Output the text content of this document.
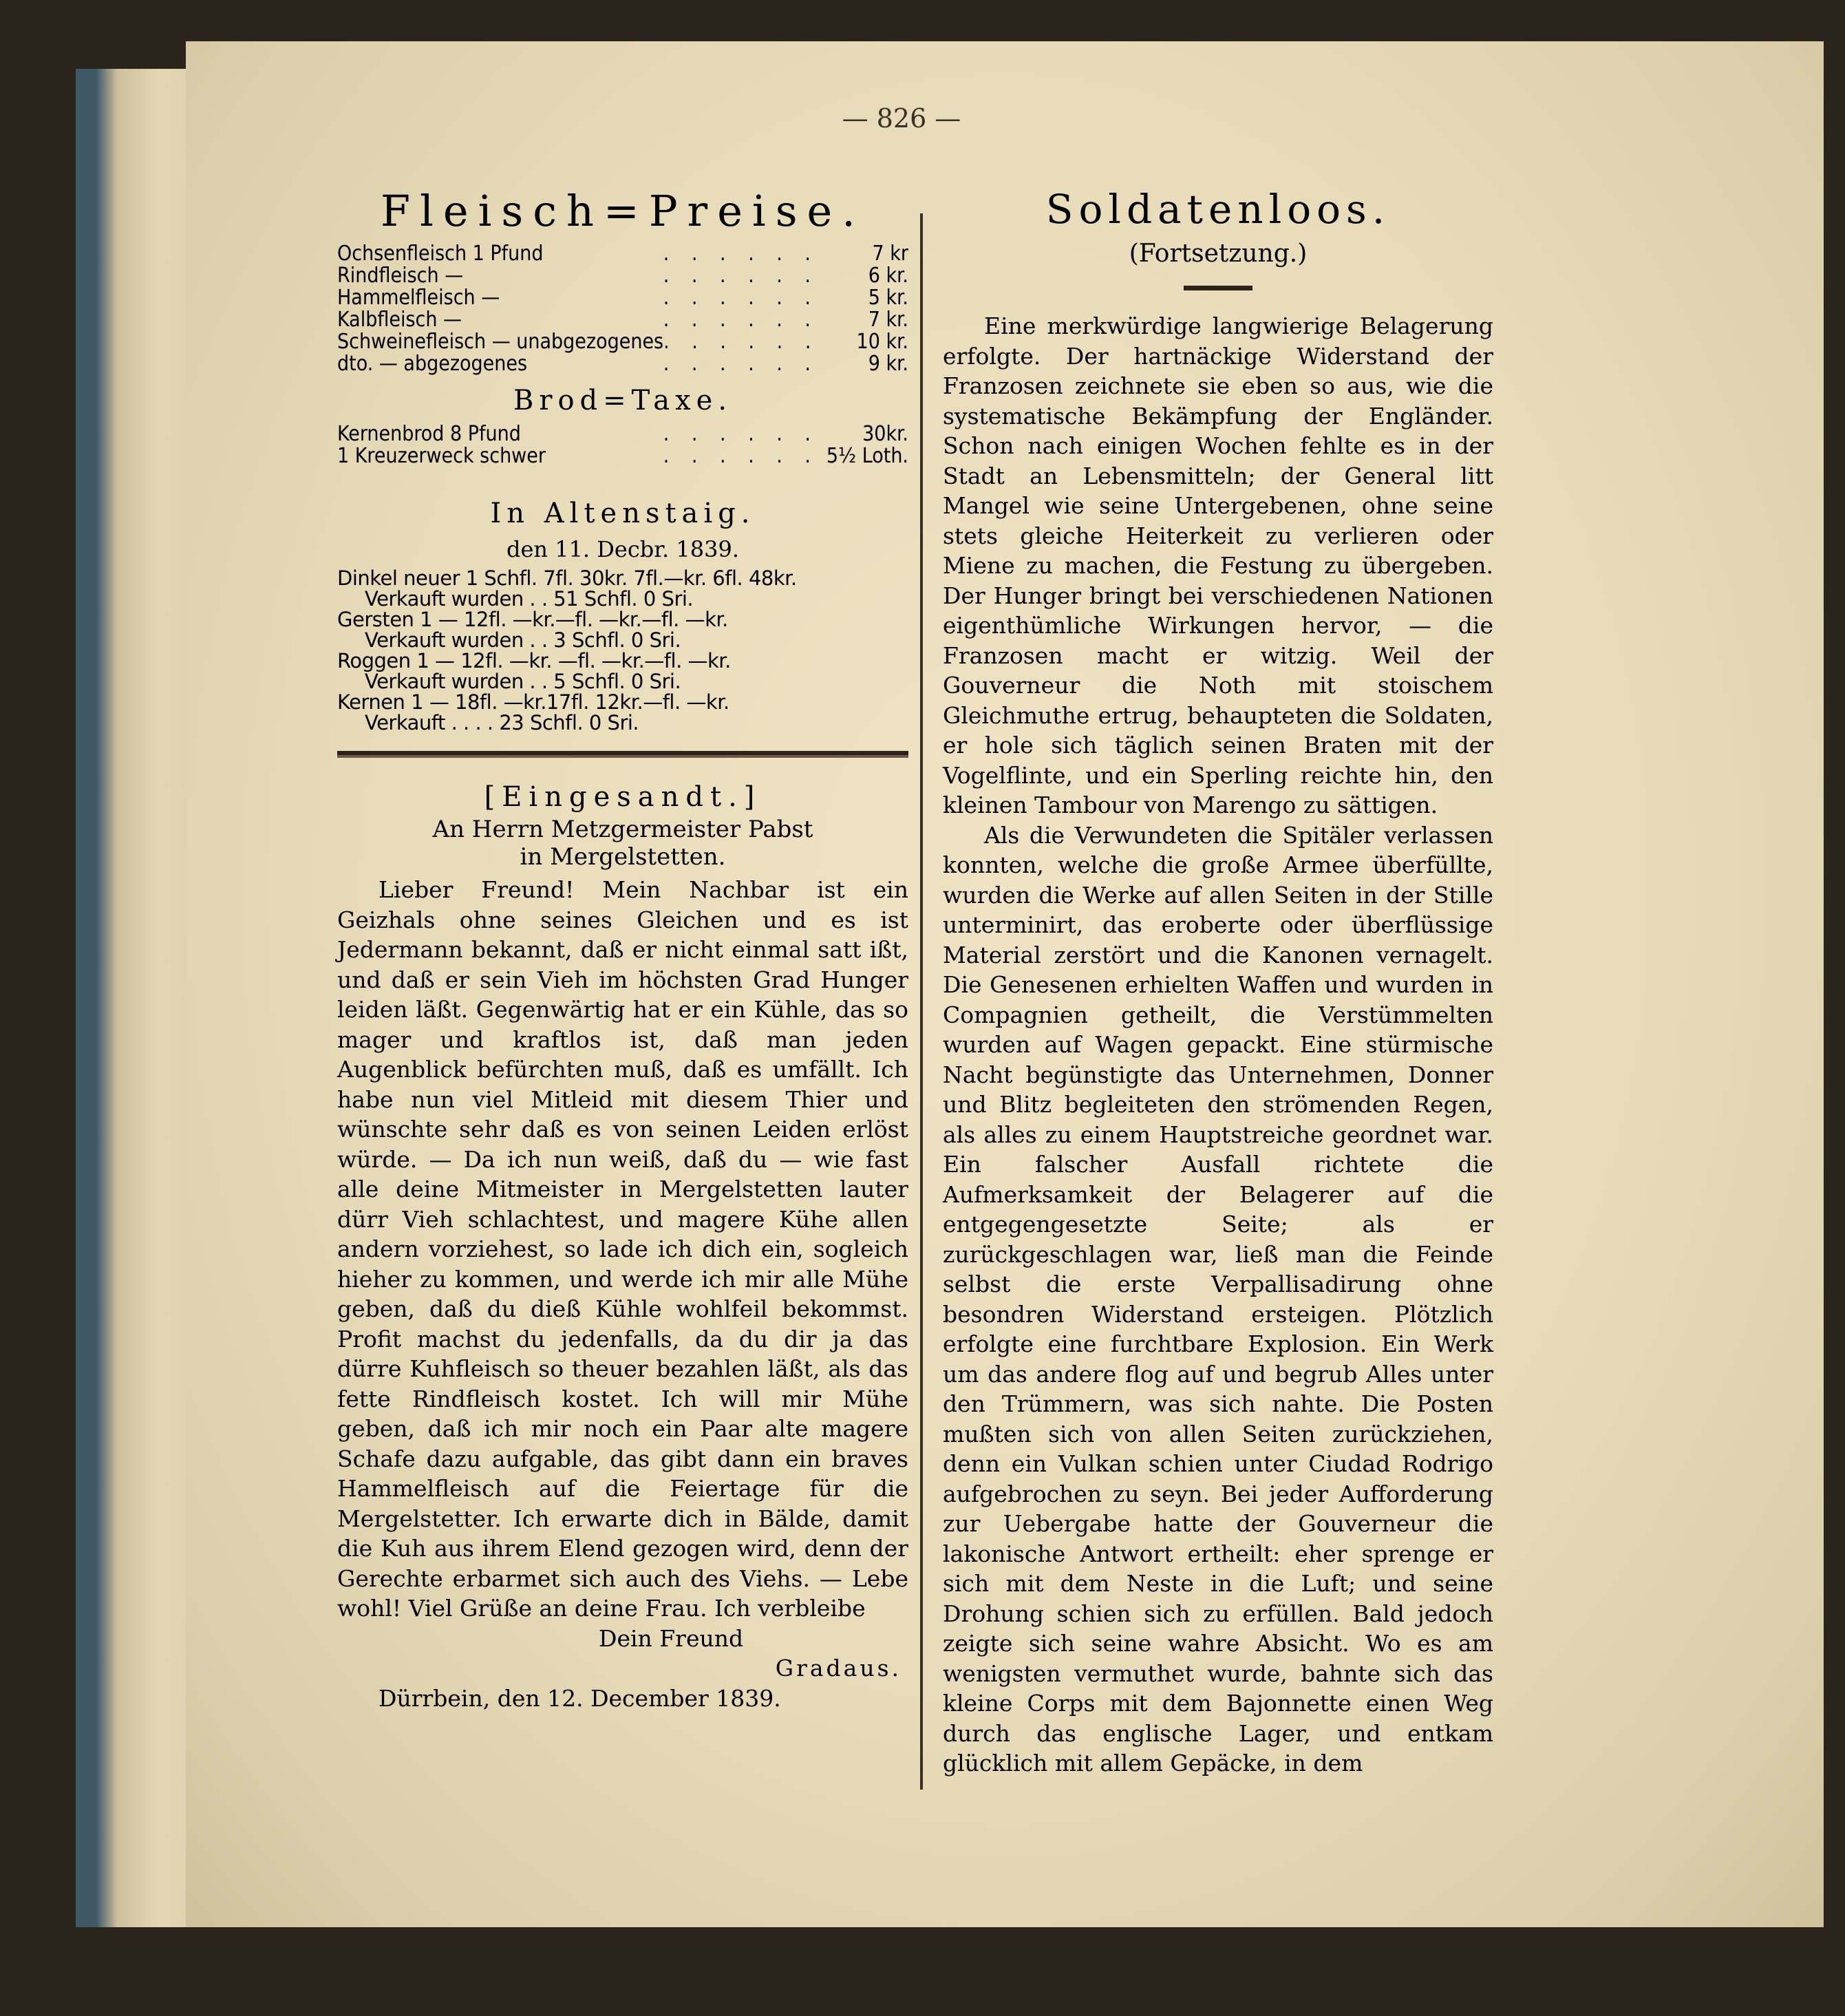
— 826 —
Fleisch=Preise.
Ochsenfleisch 1 Pfund	. . . . . .	7 kr
Rindfleisch —	. . . . . .	6 kr.
Hammelfleisch —	. . . . . .	5 kr.
Kalbfleisch —	. . . . . .	7 kr.
Schweinefleisch — unabgezogenes . . . . . .	10 kr.
dto. — abgezogenes	. . . . . .	9 kr.
Brod=Taxe.
Kernenbrod 8 Pfund	. . . . . .	30kr.
1 Kreuzerweck schwer	. . . . . . 5½ Loth.
In Altenstaig.
den 11. Decbr. 1839.
Dinkel neuer 1 Schfl. 7fl. 30kr. 7fl.—kr. 6fl. 48kr.
Verkauft wurden . . 51 Schfl. 0 Sri.
Gersten 1 — 12fl. —kr.—fl. —kr.—fl. —kr.
Verkauft wurden . . 3 Schfl. 0 Sri.
Roggen 1 — 12fl. —kr. —fl. —kr.—fl. —kr.
Verkauft wurden . . 5 Schfl. 0 Sri.
Kernen 1 — 18fl. —kr.17fl. 12kr.—fl. —kr.
Verkauft . . . . 23 Schfl. 0 Sri.
[Eingesandt.]
An Herrn Metzgermeister Pabst
in Mergelstetten.

Lieber Freund! Mein Nachbar ist ein Geizhals ohne seines Gleichen und es ist Jedermann bekannt, daß er nicht einmal satt ißt, und daß er sein Vieh im höchsten Grad Hunger leiden läßt. Gegenwärtig hat er ein Kühle, das so mager und kraftlos ist, daß man jeden Augenblick befürchten muß, daß es umfällt. Ich habe nun viel Mitleid mit diesem Thier und wünschte sehr daß es von seinen Leiden erlöst würde. — Da ich nun weiß, daß du — wie fast alle deine Mitmeister in Mergelstetten lauter dürr Vieh schlachtest, und magere Kühe allen andern vorziehest, so lade ich dich ein, sogleich hieher zu kommen, und werde ich mir alle Mühe geben, daß du dieß Kühle wohlfeil bekommst. Profit machst du jedenfalls, da du dir ja das dürre Kuhfleisch so theuer bezahlen läßt, als das fette Rindfleisch kostet. Ich will mir Mühe geben, daß ich mir noch ein Paar alte magere Schafe dazu aufgable, das gibt dann ein braves Hammelfleisch auf die Feiertage für die Mergelstetter. Ich erwarte dich in Bälde, damit die Kuh aus ihrem Elend gezogen wird, denn der Gerechte erbarmet sich auch des Viehs. — Lebe wohl! Viel Grüße an deine Frau. Ich verbleibe

Dein Freund
Gradaus.
Dürrbein, den 12. December 1839.
Soldatenloos.
(Fortsetzung.)

Eine merkwürdige langwierige Belagerung erfolgte. Der hartnäckige Widerstand der Franzosen zeichnete sie eben so aus, wie die systematische Bekämpfung der Engländer. Schon nach einigen Wochen fehlte es in der Stadt an Lebensmitteln; der General litt Mangel wie seine Untergebenen, ohne seine stets gleiche Heiterkeit zu verlieren oder Miene zu machen, die Festung zu übergeben. Der Hunger bringt bei verschiedenen Nationen eigenthümliche Wirkungen hervor, — die Franzosen macht er witzig. Weil der Gouverneur die Noth mit stoischem Gleichmuthe ertrug, behaupteten die Soldaten, er hole sich täglich seinen Braten mit der Vogelflinte, und ein Sperling reichte hin, den kleinen Tambour von Marengo zu sättigen.

Als die Verwundeten die Spitäler verlassen konnten, welche die große Armee überfüllte, wurden die Werke auf allen Seiten in der Stille unterminirt, das eroberte oder überflüssige Material zerstört und die Kanonen vernagelt. Die Genesenen erhielten Waffen und wurden in Compagnien getheilt, die Verstümmelten wurden auf Wagen gepackt. Eine stürmische Nacht begünstigte das Unternehmen, Donner und Blitz begleiteten den strömenden Regen, als alles zu einem Hauptstreiche geordnet war. Ein falscher Ausfall richtete die Aufmerksamkeit der Belagerer auf die entgegengesetzte Seite; als er zurückgeschlagen war, ließ man die Feinde selbst die erste Verpallisadirung ohne besondren Widerstand ersteigen. Plötzlich erfolgte eine furchtbare Explosion. Ein Werk um das andere flog auf und begrub Alles unter den Trümmern, was sich nahte. Die Posten mußten sich von allen Seiten zurückziehen, denn ein Vulkan schien unter Ciudad Rodrigo aufgebrochen zu seyn. Bei jeder Aufforderung zur Uebergabe hatte der Gouverneur die lakonische Antwort ertheilt: eher sprenge er sich mit dem Neste in die Luft; und seine Drohung schien sich zu erfüllen. Bald jedoch zeigte sich seine wahre Absicht. Wo es am wenigsten vermuthet wurde, bahnte sich das kleine Corps mit dem Bajonnette einen Weg durch das englische Lager, und entkam glücklich mit allem Gepäcke, in dem
